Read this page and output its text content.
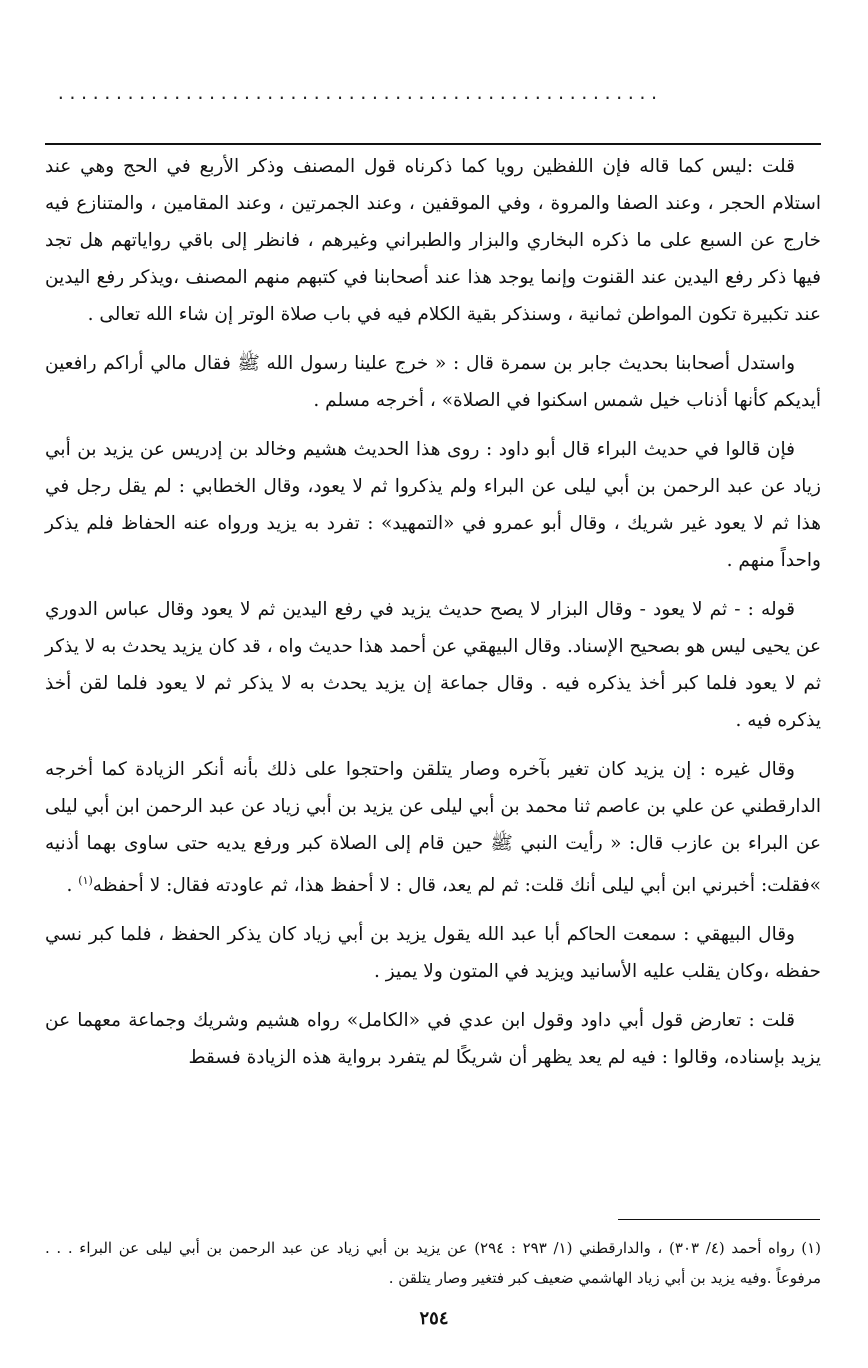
....................................................

قلت :ليس كما قاله فإن اللفظين رويا كما ذكرناه قول المصنف وذكر الأربع في الحج وهي عند استلام الحجر ، وعند الصفا والمروة ، وفي الموقفين ، وعند الجمرتين ، وعند المقامين ، والمتنازع فيه خارج عن السبع على ما ذكره البخاري والبزار والطبراني وغيرهم ، فانظر إلى باقي رواياتهم هل تجد فيها ذكر رفع اليدين عند القنوت وإنما يوجد هذا عند أصحابنا في كتبهم منهم المصنف ،ويذكر رفع اليدين عند تكبيرة تكون المواطن ثمانية ، وسنذكر بقية الكلام فيه في باب صلاة الوتر إن شاء الله تعالى .

واستدل أصحابنا بحديث جابر بن سمرة قال : « خرج علينا رسول الله ﷺ فقال مالي أراكم رافعين أيديكم كأنها أذناب خيل شمس اسكنوا في الصلاة» ، أخرجه مسلم .

فإن قالوا في حديث البراء قال أبو داود : روى هذا الحديث هشيم وخالد بن إدريس عن يزيد بن أبي زياد عن عبد الرحمن بن أبي ليلى عن البراء ولم يذكروا ثم لا يعود، وقال الخطابي : لم يقل رجل في هذا ثم لا يعود غير شريك ، وقال أبو عمرو في «التمهيد» : تفرد به يزيد ورواه عنه الحفاظ فلم يذكر واحداً منهم .

قوله : - ثم لا يعود - وقال البزار لا يصح حديث يزيد في رفع اليدين ثم لا يعود وقال عباس الدوري عن يحيى ليس هو بصحيح الإسناد. وقال البيهقي عن أحمد هذا حديث واه ، قد كان يزيد يحدث به لا يذكر ثم لا يعود فلما كبر أخذ يذكره فيه . وقال جماعة إن يزيد يحدث به لا يذكر ثم لا يعود فلما لقن أخذ يذكره فيه .

وقال غيره : إن يزيد كان تغير بآخره وصار يتلقن واحتجوا على ذلك بأنه أنكر الزيادة كما أخرجه الدارقطني عن علي بن عاصم ثنا محمد بن أبي ليلى عن يزيد بن أبي زياد عن عبد الرحمن ابن أبي ليلى عن البراء بن عازب قال: « رأيت النبي ﷺ حين قام إلى الصلاة كبر ورفع يديه حتى ساوى بهما أذنيه »فقلت: أخبرني ابن أبي ليلى أنك قلت: ثم لم يعد، قال : لا أحفظ هذا، ثم عاودته فقال: لا أحفظه$^{(١)}$ .

وقال البيهقي : سمعت الحاكم أبا عبد الله يقول يزيد بن أبي زياد كان يذكر الحفظ ، فلما كبر نسي حفظه ،وكان يقلب عليه الأسانيد ويزيد في المتون ولا يميز .

قلت : تعارض قول أبي داود وقول ابن عدي في «الكامل» رواه هشيم وشريك وجماعة معهما عن يزيد بإسناده، وقالوا : فيه لم يعد يظهر أن شريكًا لم يتفرد برواية هذه الزيادة فسقط

(١) رواه أحمد (٤/ ٣٠٣) ، والدارقطني (١/ ٢٩٣ : ٢٩٤) عن يزيد بن أبي زياد عن عبد الرحمن بن أبي ليلى عن البراء . . . مرفوعاً .وفيه يزيد بن أبي زياد الهاشمي ضعيف كبر فتغير وصار يتلقن .

٢٥٤
